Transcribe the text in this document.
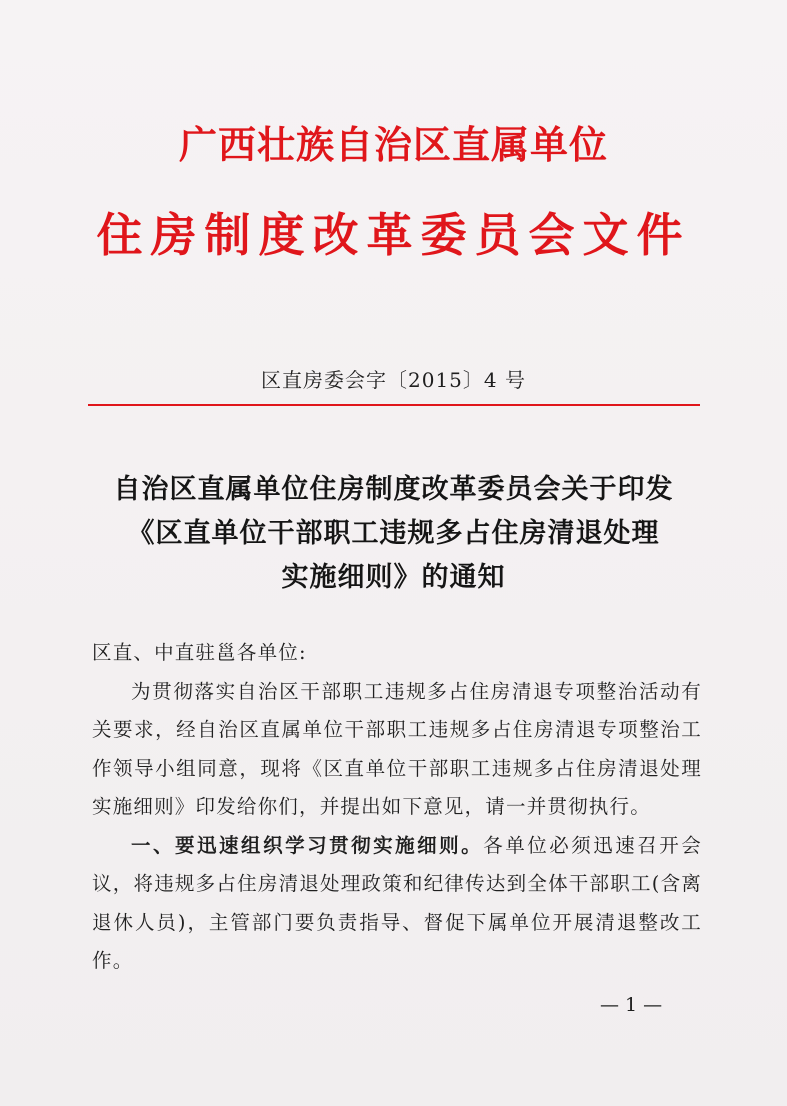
广西壮族自治区直属单位
住房制度改革委员会文件
区直房委会字〔2015〕4 号
自治区直属单位住房制度改革委员会关于印发
《区直单位干部职工违规多占住房清退处理
实施细则》的通知

区直、中直驻邕各单位:

为贯彻落实自治区干部职工违规多占住房清退专项整治活动有关要求，经自治区直属单位干部职工违规多占住房清退专项整治工作领导小组同意，现将《区直单位干部职工违规多占住房清退处理实施细则》印发给你们，并提出如下意见，请一并贯彻执行。

一、要迅速组织学习贯彻实施细则。各单位必须迅速召开会议，将违规多占住房清退处理政策和纪律传达到全体干部职工(含离退休人员)，主管部门要负责指导、督促下属单位开展清退整改工作。

— 1 —
